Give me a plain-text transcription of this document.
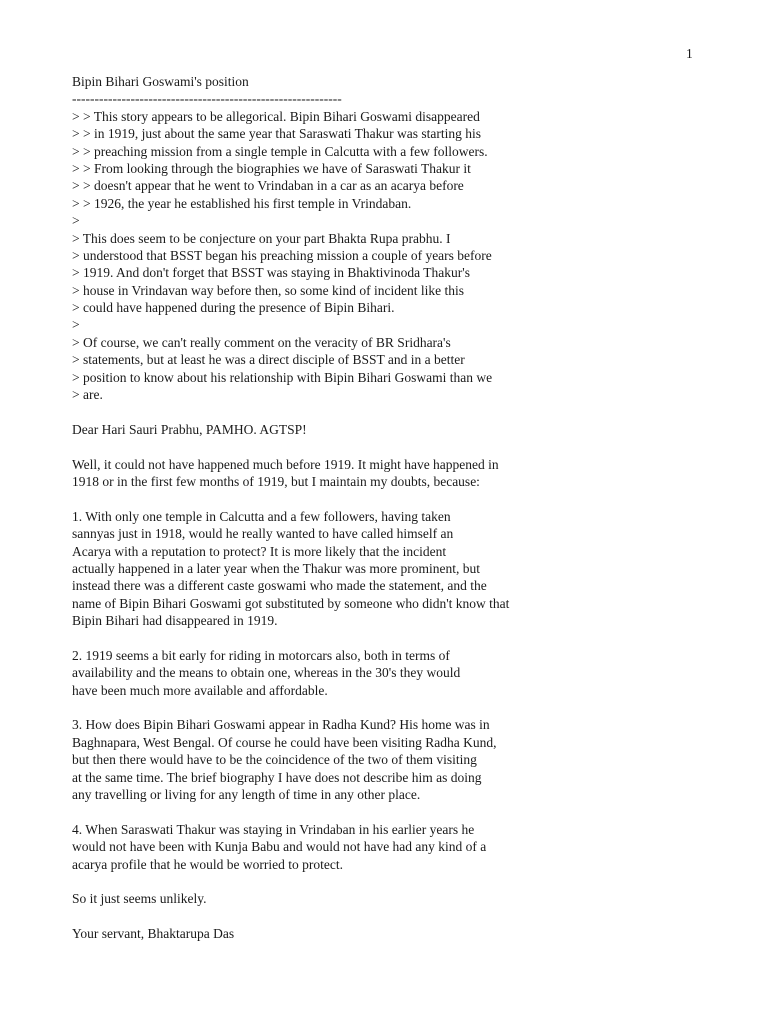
1
Bipin Bihari Goswami's position
------------------------------------------------------------
> > This story appears to be allegorical. Bipin Bihari Goswami disappeared
> > in 1919, just about the same year that Saraswati Thakur was starting his
> > preaching mission from a single temple in Calcutta with a few followers.
> > From looking through the biographies we have of Saraswati Thakur it
> > doesn't appear that he went to Vrindaban in a car as an acarya before
> > 1926, the year he established his first temple in Vrindaban.
>
> This does seem to be conjecture on your part Bhakta Rupa prabhu. I
> understood that BSST began his preaching mission a couple of years before
> 1919. And don't forget that BSST was staying in Bhaktivinoda Thakur's
> house in Vrindavan way before then, so some kind of incident like this
> could have happened during the presence of Bipin Bihari.
>
> Of course, we can't really comment on the veracity of BR Sridhara's
> statements, but at least he was a direct disciple of BSST and in a better
> position to know about his relationship with Bipin Bihari Goswami than we
> are.
Dear Hari Sauri Prabhu, PAMHO. AGTSP!
Well, it could not have happened much before 1919. It might have happened in
1918 or in the first few months of 1919, but I maintain my doubts, because:
1. With only one temple in Calcutta and a few followers, having taken
sannyas just in 1918, would he really wanted to have called himself an
Acarya with a reputation to protect? It is more likely that the incident
actually happened in a later year when the Thakur was more prominent, but
instead there was a different caste goswami who made the statement, and the
name of Bipin Bihari Goswami got substituted by someone who didn't know that
Bipin Bihari had disappeared in 1919.
2. 1919 seems a bit early for riding in motorcars also, both in terms of
availability and the means to obtain one, whereas in the 30's they would
have been much more available and affordable.
3. How does Bipin Bihari Goswami appear in Radha Kund? His home was in
Baghnapara, West Bengal. Of course he could have been visiting Radha Kund,
but then there would have to be the coincidence of the two of them visiting
at the same time. The brief biography I have does not describe him as doing
any travelling or living for any length of time in any other place.
4. When Saraswati Thakur was staying in Vrindaban in his earlier years he
would not have been with Kunja Babu and would not have had any kind of a
acarya profile that he would be worried to protect.
So it just seems unlikely.
Your servant, Bhaktarupa Das
